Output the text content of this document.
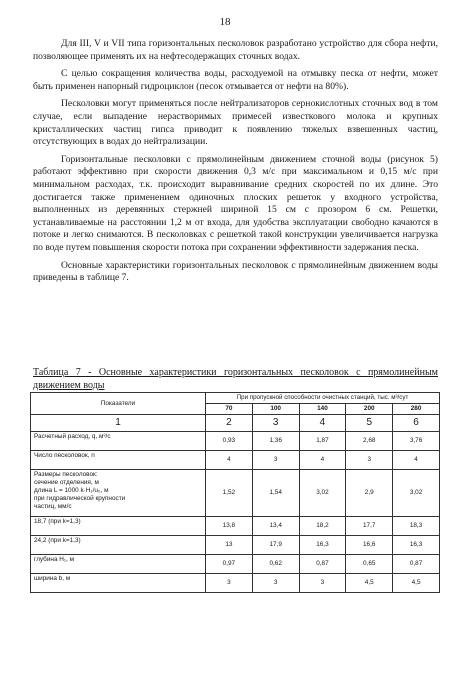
18

Для III, V и VII типа горизонтальных песколовок разработано устройство для сбора нефти, позволяющее применять их на нефтесодержащих сточных водах.

С целью сокращения количества воды, расходуемой на отмывку песка от нефти, может быть применен напорный гидроциклон (песок отмывается от нефти на 80%).

Песколовки могут применяться после нейтрализаторов сернокислотных сточных вод в том случае, если выпадение нерастворимых примесей известкового молока и крупных кристаллических частиц гипса приводит к появлению тяжелых взвешенных частиц, отсутствующих в водах до нейтрализации.

Горизонтальные песколовки с прямолинейным движением сточной воды (рисунок 5) работают эффективно при скорости движения 0,3 м/с при максимальном и 0,15 м/с при минимальном расходах, т.к. происходит выравнивание средних скоростей по их длине. Это достигается также применением одиночных плоских решеток у входного устройства, выполненных из деревянных стержней шириной 15 см с прозором 6 см. Решетки, устанавливаемые на расстоянии 1,2 м от входа, для удобства эксплуатации свободно качаются в потоке и легко снимаются. В песколовках с решеткой такой конструкции увеличивается нагрузка по воде путем повышения скорости потока при сохранении эффективности задержания песка.

Основные характеристики горизонтальных песколовок с прямолинейным движением воды приведены в таблице 7.

Таблица 7 - Основные характеристики горизонтальных песколовок с прямолинейным движением воды
Показатели	При пропускной способности очистных станций, тыс. м³/сут				
	70	100	140	200	280
1	2	3	4	5	6

Расчетный расход, q, м³/с	0,93	1,36	1,87	2,68	3,76

Число песколовок, n	4	3	4	3	4

Размеры песколовок:
сечение отделения, м
длина L = 1000 k·H₁/u₀, м
при гидравлической крупности
частиц, мм/с	1,52	1,54	3,02	2,9	3,02

18,7 (при k=1,3)	13,8	13,4	18,2	17,7	18,3

24,2 (при k=1,3)	13	17,9	16,3	16,6	16,3

глубина H₁, м	0,97	0,62	0,87	0,65	0,87

ширина b, м	3	3	3	4,5	4,5
